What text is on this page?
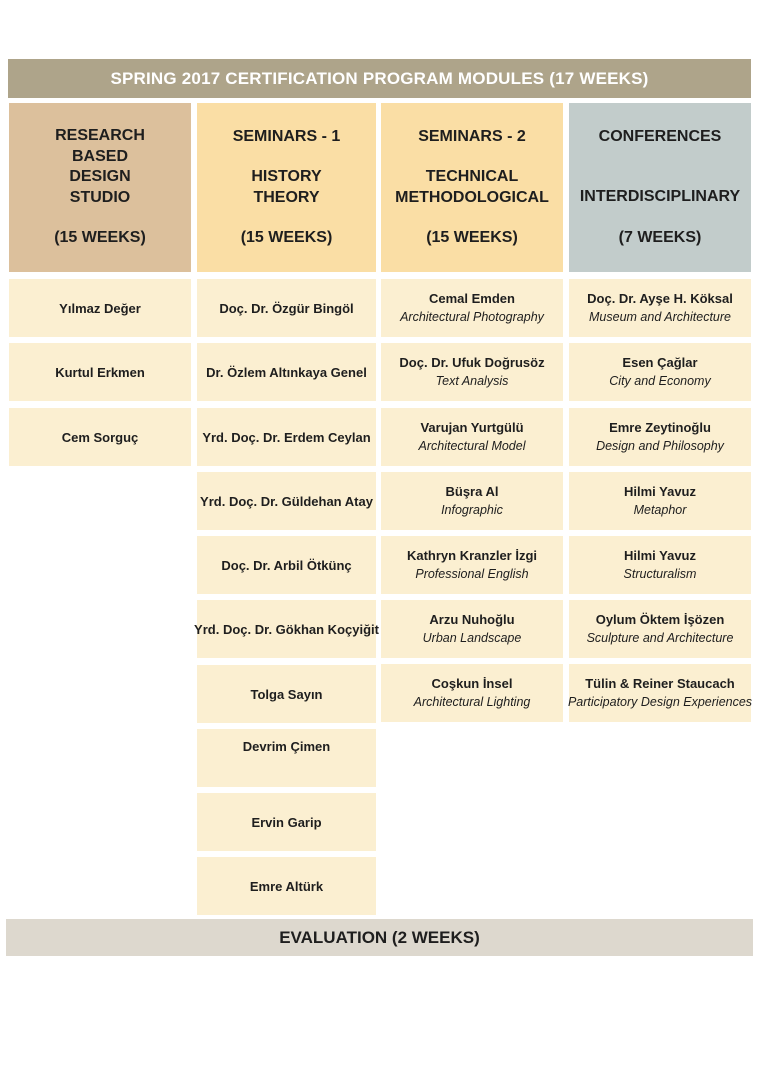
SPRING 2017 CERTIFICATION PROGRAM MODULES (17 WEEKS)
RESEARCH
BASED
DESIGN
STUDIO
(15 WEEKS)
SEMINARS - 1
HISTORY
THEORY
(15 WEEKS)
SEMINARS - 2
TECHNICAL
METHODOLOGICAL
(15 WEEKS)
CONFERENCES
INTERDISCIPLINARY
(7 WEEKS)
Yılmaz Değer
Kurtul Erkmen
Cem Sorguç
Doç. Dr. Özgür Bingöl
Dr. Özlem Altınkaya Genel
Yrd. Doç. Dr. Erdem Ceylan
Yrd. Doç. Dr. Güldehan Atay
Doç. Dr. Arbil Ötkünç
Yrd. Doç. Dr. Gökhan Koçyiğit
Tolga Sayın
Devrim Çimen
Ervin Garip
Emre Altürk
Cemal Emden
Architectural Photography
Doç. Dr. Ufuk Doğrusöz
Text Analysis
Varujan Yurtgülü
Architectural Model
Büşra Al
Infographic
Kathryn Kranzler İzgi
Professional English
Arzu Nuhoğlu
Urban Landscape
Coşkun İnsel
Architectural Lighting
Doç. Dr. Ayşe H. Köksal
Museum and Architecture
Esen Çağlar
City and Economy
Emre Zeytinoğlu
Design and Philosophy
Hilmi Yavuz
Metaphor
Hilmi Yavuz
Structuralism
Oylum Öktem İşözen
Sculpture and Architecture
Tülin & Reiner Staucach
Participatory Design Experiences
EVALUATION (2 WEEKS)
